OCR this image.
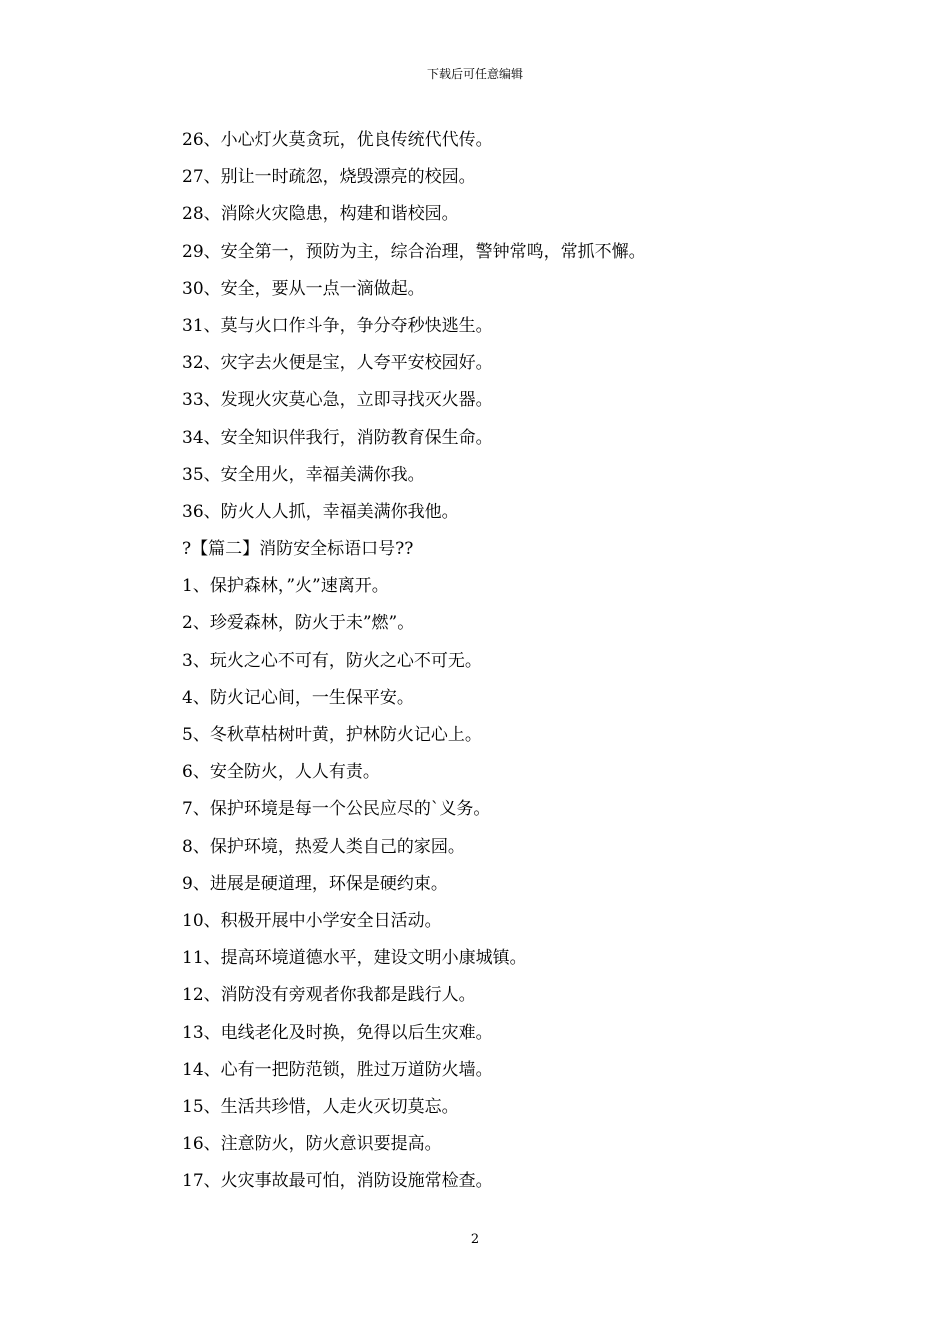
下载后可任意编辑
26、小心灯火莫贪玩，优良传统代代传。
27、别让一时疏忽，烧毁漂亮的校园。
28、消除火灾隐患，构建和谐校园。
29、安全第一，预防为主，综合治理，警钟常鸣，常抓不懈。
30、安全，要从一点一滴做起。
31、莫与火口作斗争，争分夺秒快逃生。
32、灾字去火便是宝，人夸平安校园好。
33、发现火灾莫心急，立即寻找灭火器。
34、安全知识伴我行，消防教育保生命。
35、安全用火，幸福美满你我。
36、防火人人抓，幸福美满你我他。
?【篇二】消防安全标语口号??
1、保护森林，”火”速离开。
2、珍爱森林，防火于未”燃”。
3、玩火之心不可有，防火之心不可无。
4、防火记心间，一生保平安。
5、冬秋草枯树叶黄，护林防火记心上。
6、安全防火，人人有责。
7、保护环境是每一个公民应尽的`义务。
8、保护环境，热爱人类自己的家园。
9、进展是硬道理，环保是硬约束。
10、积极开展中小学安全日活动。
11、提高环境道德水平，建设文明小康城镇。
12、消防没有旁观者你我都是践行人。
13、电线老化及时换，免得以后生灾难。
14、心有一把防范锁，胜过万道防火墙。
15、生活共珍惜，人走火灭切莫忘。
16、注意防火，防火意识要提高。
17、火灾事故最可怕，消防设施常检查。
2
